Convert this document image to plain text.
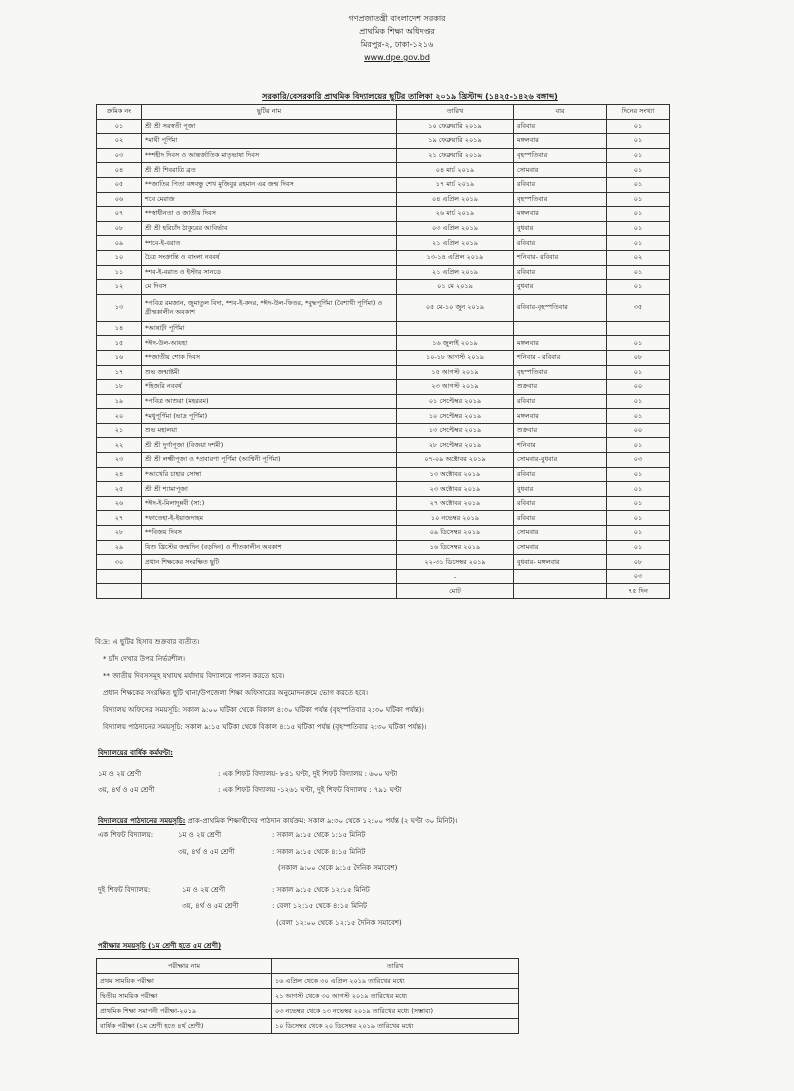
গণপ্রজাতন্ত্রী বাংলাদেশ সরকার
প্রাথমিক শিক্ষা অধিদপ্তর
মিরপুর-২, ঢাকা-১২১৬
www.dpe.gov.bd
সরকারি/বেসরকারি প্রাথমিক বিদ্যালয়ের ছুটির তালিকা ২০১৯ খ্রিস্টাব্দ (১৪২৫-১৪২৬ বঙ্গাব্দ)
ক্রমিক নং	ছুটির নাম	তারিখ	বার	দিনের সংখ্যা
০১	শ্রী শ্রী সরস্বতী পূজা	১০ ফেব্রুয়ারি ২০১৯	রবিবার	০১
০২	*মাঘী পূর্ণিমা	১৯ ফেব্রুয়ারি ২০১৯	মঙ্গলবার	০১
০৩	**শহীদ দিবস ও আন্তর্জাতিক মাতৃভাষা দিবস	২১ ফেব্রুয়ারি ২০১৯	বৃহস্পতিবার	০১
০৪	শ্রী শ্রী শিবরাত্রি ব্রত	০৪ মার্চ ২০১৯	সোমবার	০১
০৫	**জাতির পিতা বঙ্গবন্ধু শেখ মুজিবুর রহমান এর জন্ম দিবস	১৭ মার্চ ২০১৯	রবিবার	০১
০৬	শবে মেরাজ	০৪ এপ্রিল ২০১৯	বৃহস্পতিবার	০১
০৭	**স্বাধীনতা ও জাতীয় দিবস	২৬ মার্চ ২০১৯	মঙ্গলবার	০১
০৮	শ্রী শ্রী হরিচাঁদ ঠাকুরের আবির্ভাব	০৩ এপ্রিল ২০১৯	বুধবার	০১
০৯	*শবে-ই-বরাত	২১ এপ্রিল ২০১৯	রবিবার	০১
১০	চৈত্র সংক্রান্তি ও বাংলা নববর্ষ	১৩-১৪ এপ্রিল ২০১৯	শনিবার- রবিবার	০২
১১	*শব-ই-বরাত ও ইস্টার সানডে	২১ এপ্রিল ২০১৯	রবিবার	০১
১২	মে দিবস	০১ মে ২০১৯	বুধবার	০১
১৩	*পবিত্র রমজান, জুমাতুল বিদা, *শব-ই-কদর, *ঈদ-উল-ফিতর, *বুদ্ধপূর্ণিমা (বৈশাখী পূর্ণিমা) ও গ্রীষ্মকালীন অবকাশ	০৫ মে-১০ জুন ২০১৯	রবিবার-বৃহস্পতিবার	৩৫
১৪	*আষাঢ়ী পূর্ণিমা			
১৫	*ঈদ-উল-আযহা	১৬ জুলাই ২০১৯	মঙ্গলবার	০১
১৬	**জাতীয় শোক দিবস	১০-১৮ আগস্ট ২০১৯	শনিবার - রবিবার	০৮
১৭	শুভ জন্মাষ্টমী	১৫ আগস্ট ২০১৯	বৃহস্পতিবার	০১
১৮	*হিজরি নববর্ষ	২৩ আগস্ট ২০১৯	শুক্রবার	০০
১৯	*পবিত্র আশুরা (মহররম)	০১ সেপ্টেম্বর ২০১৯	রবিবার	০১
২০	*মধুপূর্ণিমা (ভাদ্র পূর্ণিমা)	১০ সেপ্টেম্বর ২০১৯	মঙ্গলবার	০১
২১	শুভ মহালয়া	১৩ সেপ্টেম্বর ২০১৯	শুক্রবার	০০
২২	শ্রী শ্রী দুর্গাপূজা (বিজয়া দশমী)	২৮ সেপ্টেম্বর ২০১৯	শনিবার	০১
২৩	শ্রী শ্রী লক্ষ্মীপূজা ও *প্রবারণা পূর্ণিমা (আশ্বিনী পূর্ণিমা)	০৭-০৯ অক্টোবর ২০১৯	সোমবার-বুধবার	০৩
২৪	*আখেরি চাহার সোম্বা	১৩ অক্টোবর ২০১৯	রবিবার	০১
২৫	শ্রী শ্রী শ্যামাপূজা	২৩ অক্টোবর ২০১৯	বুধবার	০১
২৬	*ঈদ-ই-মিলাদুন্নবী (সা:)	২৭ অক্টোবর ২০১৯	রবিবার	০১
২৭	*ফাতেহা-ই-ইয়াজদাহম	১০ নভেম্বর ২০১৯	রবিবার	০১
২৮	**বিজয় দিবস	০৯ ডিসেম্বর ২০১৯	সোমবার	০১
২৯	যিশু খ্রিস্টের জন্মদিন (বড়দিন) ও শীতকালীন অবকাশ	১৬ ডিসেম্বর ২০১৯	সোমবার	০১
৩০	প্রধান শিক্ষকের সংরক্ষিত ছুটি	২২-৩১ ডিসেম্বর ২০১৯	বুধবার- মঙ্গলবার	০৮
		-		০৩
		মোট		৭৫ দিন
বি:দ্র: এ ছুটির হিসাব শুক্রবার ব্যতীত।
* চাঁদ দেখার উপর নির্ভরশীল।
** জাতীয় দিবসসমূহ যথাযথ মর্যাদায় বিদ্যালয়ে পালন করতে হবে।
প্রধান শিক্ষকের সংরক্ষিত ছুটি থানা/উপজেলা শিক্ষা অফিসারের অনুমোদনক্রমে ভোগ করতে হবে।
বিদ্যালয় অফিসের সময়সূচি: সকাল ৯:০০ ঘটিকা থেকে বিকাল ৪:৩০ ঘটিকা পর্যন্ত (বৃহস্পতিবার ২:৩০ ঘটিকা পর্যন্ত)।
বিদ্যালয় পাঠদানের সময়সূচি: সকাল ৯:১৫ ঘটিকা থেকে বিকাল ৪:১৫ ঘটিকা পর্যন্ত (বৃহস্পতিবার ২:৩০ ঘটিকা পর্যন্ত)।
বিদ্যালয়ের বার্ষিক কর্মঘণ্টা:
১ম ও ২য় শ্রেণী	: এক শিফট বিদ্যালয়- ৮৪১ ঘণ্টা, দুই শিফট বিদ্যালয় : ৬০০ ঘণ্টা
৩য়, ৪র্থ ও ৫ম শ্রেণী	: এক শিফট বিদ্যালয় -১২৬১ ঘণ্টা, দুই শিফট বিদ্যালয় : ৭৯১ ঘণ্টা
বিদ্যালয়ের পাঠদানের সময়সূচি: প্রাক-প্রাথমিক শিক্ষার্থীদের পাঠদান কার্যক্রম: সকাল ৯:৩০ থেকে ১২:০০ পর্যন্ত (২ ঘণ্টা ৩০ মিনিট)।
এক শিফট বিদ্যালয়:	১ম ও ২য় শ্রেণী	: সকাল ৯:১৫ থেকে ১:১৫ মিনিট
৩য়, ৪র্থ ও ৫ম শ্রেণী	: সকাল ৯:১৫ থেকে ৪:১৫ মিনিট
(সকাল ৯:০০ থেকে ৯:১৫ দৈনিক সমাবেশ)
দুই শিফট বিদ্যালয়:	১ম ও ২য় শ্রেণী	: সকাল ৯:১৫ থেকে ১২:১৫ মিনিট
৩য়, ৪র্থ ও ৫ম শ্রেণী	: বেলা ১২:১৫ থেকে ৪:১৫ মিনিট
(বেলা ১২:০০ থেকে ১২:১৫ দৈনিক সমাবেশ)
পরীক্ষার সময়সূচি (১ম শ্রেণী হতে ৫ম শ্রেণী)
পরীক্ষার নাম	তারিখ
প্রথম সাময়িক পরীক্ষা	১৬ এপ্রিল থেকে ৩০ এপ্রিল ২০১৯ তারিখের মধ্যে
দ্বিতীয় সাময়িক পরীক্ষা	২১ আগস্ট থেকে ৩০ আগস্ট ২০১৯ তারিখের মধ্যে
প্রাথমিক শিক্ষা সমাপনী পরীক্ষা-২০১৯	০৩ নভেম্বর থেকে ১৩ নভেম্বর ২০১৯ তারিখের মধ্যে (সম্ভাব্য)
বার্ষিক পরীক্ষা (১ম শ্রেণী হতে ৪র্থ শ্রেণী)	১০ ডিসেম্বর থেকে ২০ ডিসেম্বর ২০১৯ তারিখের মধ্যে
